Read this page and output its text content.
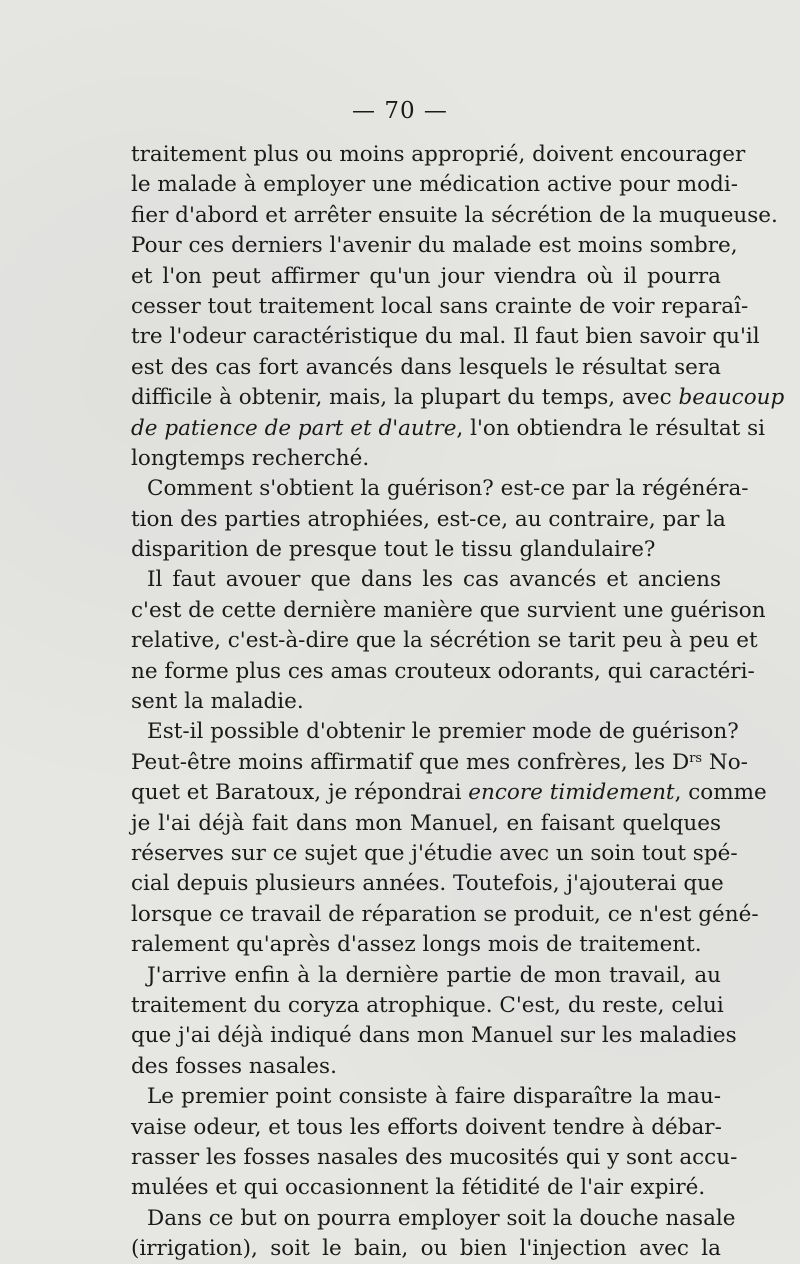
— 70 —
traitement plus ou moins approprié, doivent encourager
le malade à employer une médication active pour modi-
fier d'abord et arrêter ensuite la sécrétion de la muqueuse.
Pour ces derniers l'avenir du malade est moins sombre,
et l'on peut affirmer qu'un jour viendra où il pourra
cesser tout traitement local sans crainte de voir reparaî-
tre l'odeur caractéristique du mal. Il faut bien savoir qu'il
est des cas fort avancés dans lesquels le résultat sera
difficile à obtenir, mais, la plupart du temps, avec beaucoup
de patience de part et d'autre, l'on obtiendra le résultat si
longtemps recherché.
Comment s'obtient la guérison? est-ce par la régénéra-
tion des parties atrophiées, est-ce, au contraire, par la
disparition de presque tout le tissu glandulaire?
Il faut avouer que dans les cas avancés et anciens
c'est de cette dernière manière que survient une guérison
relative, c'est-à-dire que la sécrétion se tarit peu à peu et
ne forme plus ces amas crouteux odorants, qui caractéri-
sent la maladie.
Est-il possible d'obtenir le premier mode de guérison?
Peut-être moins affirmatif que mes confrères, les $D^{rs}$ No-
quet et Baratoux, je répondrai encore timidement, comme
je l'ai déjà fait dans mon Manuel, en faisant quelques
réserves sur ce sujet que j'étudie avec un soin tout spé-
cial depuis plusieurs années. Toutefois, j'ajouterai que
lorsque ce travail de réparation se produit, ce n'est géné-
ralement qu'après d'assez longs mois de traitement.
J'arrive enfin à la dernière partie de mon travail, au
traitement du coryza atrophique. C'est, du reste, celui
que j'ai déjà indiqué dans mon Manuel sur les maladies
des fosses nasales.
Le premier point consiste à faire disparaître la mau-
vaise odeur, et tous les efforts doivent tendre à débar-
rasser les fosses nasales des mucosités qui y sont accu-
mulées et qui occasionnent la fétidité de l'air expiré.
Dans ce but on pourra employer soit la douche nasale
(irrigation), soit le bain, ou bien l'injection avec la
